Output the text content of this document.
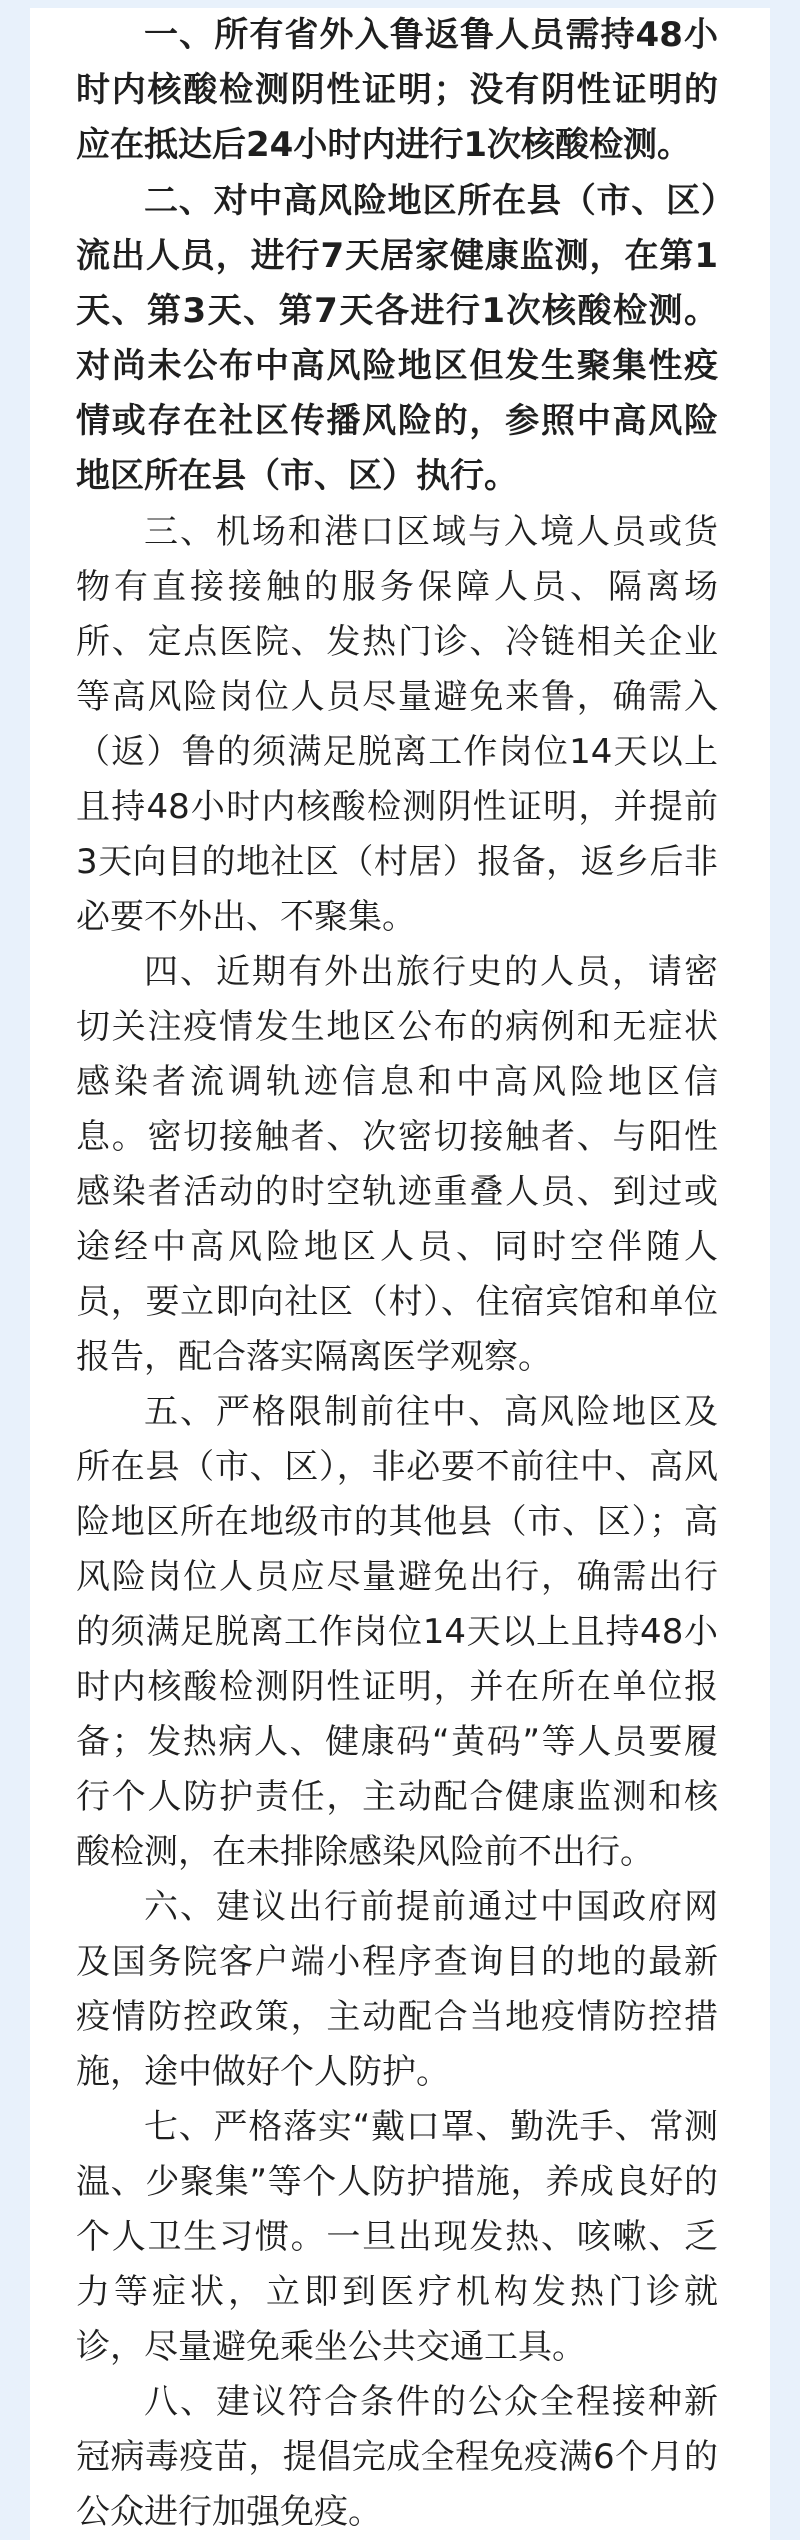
一、所有省外入鲁返鲁人员需持48小时内核酸检测阴性证明；没有阴性证明的应在抵达后24小时内进行1次核酸检测。

二、对中高风险地区所在县（市、区）流出人员，进行7天居家健康监测，在第1天、第3天、第7天各进行1次核酸检测。对尚未公布中高风险地区但发生聚集性疫情或存在社区传播风险的，参照中高风险地区所在县（市、区）执行。

三、机场和港口区域与入境人员或货物有直接接触的服务保障人员、隔离场所、定点医院、发热门诊、冷链相关企业等高风险岗位人员尽量避免来鲁，确需入（返）鲁的须满足脱离工作岗位14天以上且持48小时内核酸检测阴性证明，并提前3天向目的地社区（村居）报备，返乡后非必要不外出、不聚集。

四、近期有外出旅行史的人员，请密切关注疫情发生地区公布的病例和无症状感染者流调轨迹信息和中高风险地区信息。密切接触者、次密切接触者、与阳性感染者活动的时空轨迹重叠人员、到过或途经中高风险地区人员、同时空伴随人员，要立即向社区（村）、住宿宾馆和单位报告，配合落实隔离医学观察。

五、严格限制前往中、高风险地区及所在县（市、区），非必要不前往中、高风险地区所在地级市的其他县（市、区）；高风险岗位人员应尽量避免出行，确需出行的须满足脱离工作岗位14天以上且持48小时内核酸检测阴性证明，并在所在单位报备；发热病人、健康码“黄码”等人员要履行个人防护责任，主动配合健康监测和核酸检测，在未排除感染风险前不出行。

六、建议出行前提前通过中国政府网及国务院客户端小程序查询目的地的最新疫情防控政策，主动配合当地疫情防控措施，途中做好个人防护。

七、严格落实“戴口罩、勤洗手、常测温、少聚集”等个人防护措施，养成良好的个人卫生习惯。一旦出现发热、咳嗽、乏力等症状，立即到医疗机构发热门诊就诊，尽量避免乘坐公共交通工具。

八、建议符合条件的公众全程接种新冠病毒疫苗，提倡完成全程免疫满6个月的公众进行加强免疫。
